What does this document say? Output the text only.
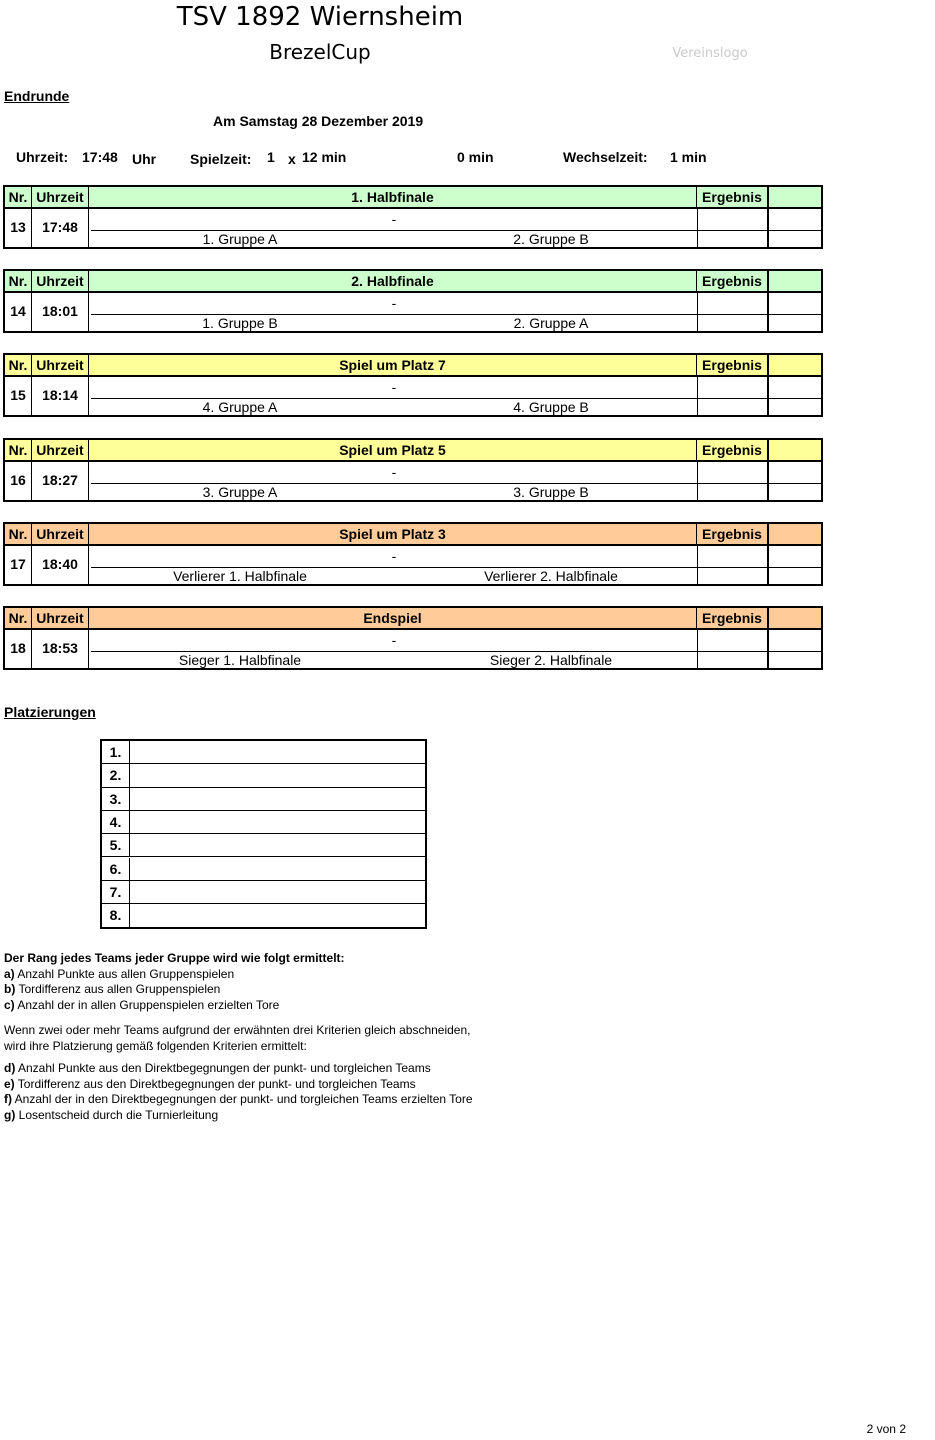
TSV 1892 Wiernsheim
BrezelCup	Vereinslogo
Endrunde
Am Samstag 28 Dezember 2019
Uhrzeit: 17:48 Uhr Spielzeit: 1 x 12 min	0 min	Wechselzeit: 1 min
Nr. Uhrzeit	1. Halbfinale	Ergebnis
13	17:48	-
1. Gruppe A	2. Gruppe B
Nr. Uhrzeit	2. Halbfinale	Ergebnis
14	18:01	-
1. Gruppe B	2. Gruppe A
Nr. Uhrzeit	Spiel um Platz 7	Ergebnis
15	18:14	-
4. Gruppe A	4. Gruppe B
Nr. Uhrzeit	Spiel um Platz 5	Ergebnis
16	18:27	-
3. Gruppe A	3. Gruppe B
Nr. Uhrzeit	Spiel um Platz 3	Ergebnis
17	18:40	-
Verlierer 1. Halbfinale	Verlierer 2. Halbfinale
Nr. Uhrzeit	Endspiel	Ergebnis
18	18:53	-
Sieger 1. Halbfinale	Sieger 2. Halbfinale
Platzierungen
1.
2.
3.
4.
5.
6.
7.
8.

Der Rang jedes Teams jeder Gruppe wird wie folgt ermittelt:

a) Anzahl Punkte aus allen Gruppenspielen

b) Tordifferenz aus allen Gruppenspielen

c) Anzahl der in allen Gruppenspielen erzielten Tore

Wenn zwei oder mehr Teams aufgrund der erwähnten drei Kriterien gleich abschneiden,

wird ihre Platzierung gemäß folgenden Kriterien ermittelt:

d) Anzahl Punkte aus den Direktbegegnungen der punkt- und torgleichen Teams

e) Tordifferenz aus den Direktbegegnungen der punkt- und torgleichen Teams

f) Anzahl der in den Direktbegegnungen der punkt- und torgleichen Teams erzielten Tore

g) Losentscheid durch die Turnierleitung

2 von 2
